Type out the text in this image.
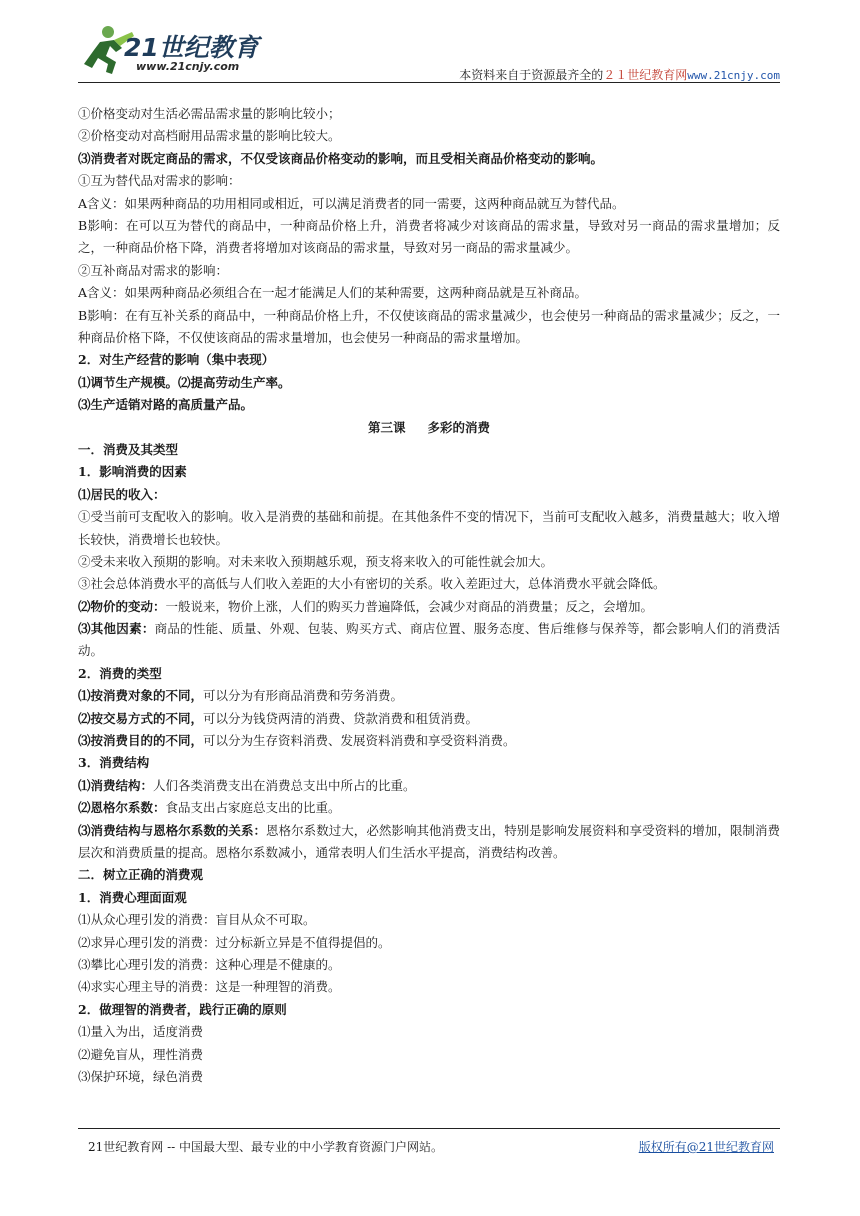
21世纪教育
www.21cnjy.com
本资料来自于资源最齐全的２１世纪教育网www.21cnjy.com
①价格变动对生活必需品需求量的影响比较小；
②价格变动对高档耐用品需求量的影响比较大。
⑶消费者对既定商品的需求，不仅受该商品价格变动的影响，而且受相关商品价格变动的影响。
①互为替代品对需求的影响：
A含义：如果两种商品的功用相同或相近，可以满足消费者的同一需要，这两种商品就互为替代品。
B影响：在可以互为替代的商品中，一种商品价格上升，消费者将减少对该商品的需求量，导致对另一商品的需求量增加；反之，一种商品价格下降，消费者将增加对该商品的需求量，导致对另一商品的需求量减少。
②互补商品对需求的影响：
A含义：如果两种商品必须组合在一起才能满足人们的某种需要，这两种商品就是互补商品。
B影响：在有互补关系的商品中，一种商品价格上升，不仅使该商品的需求量减少，也会使另一种商品的需求量减少；反之，一种商品价格下降，不仅使该商品的需求量增加，也会使另一种商品的需求量增加。
2．对生产经营的影响（集中表现）
⑴调节生产规模。⑵提高劳动生产率。
⑶生产适销对路的高质量产品。
第三课 多彩的消费
一．消费及其类型
1．影响消费的因素
⑴居民的收入：
①受当前可支配收入的影响。收入是消费的基础和前提。在其他条件不变的情况下，当前可支配收入越多，消费量越大；收入增长较快，消费增长也较快。
②受未来收入预期的影响。对未来收入预期越乐观，预支将来收入的可能性就会加大。
③社会总体消费水平的高低与人们收入差距的大小有密切的关系。收入差距过大，总体消费水平就会降低。
⑵物价的变动：一般说来，物价上涨，人们的购买力普遍降低，会减少对商品的消费量；反之，会增加。
⑶其他因素：商品的性能、质量、外观、包装、购买方式、商店位置、服务态度、售后维修与保养等，都会影响人们的消费活动。
2．消费的类型
⑴按消费对象的不同，可以分为有形商品消费和劳务消费。
⑵按交易方式的不同，可以分为钱贷两清的消费、贷款消费和租赁消费。
⑶按消费目的的不同，可以分为生存资料消费、发展资料消费和享受资料消费。
3．消费结构
⑴消费结构：人们各类消费支出在消费总支出中所占的比重。
⑵恩格尔系数：食品支出占家庭总支出的比重。
⑶消费结构与恩格尔系数的关系：恩格尔系数过大，必然影响其他消费支出，特别是影响发展资料和享受资料的增加，限制消费层次和消费质量的提高。恩格尔系数减小，通常表明人们生活水平提高，消费结构改善。
二．树立正确的消费观
1．消费心理面面观
⑴从众心理引发的消费：盲目从众不可取。
⑵求异心理引发的消费：过分标新立异是不值得提倡的。
⑶攀比心理引发的消费：这种心理是不健康的。
⑷求实心理主导的消费：这是一种理智的消费。
2．做理智的消费者，践行正确的原则
⑴量入为出，适度消费
⑵避免盲从，理性消费
⑶保护环境，绿色消费
21世纪教育网 -- 中国最大型、最专业的中小学教育资源门户网站。	版权所有@21世纪教育网
